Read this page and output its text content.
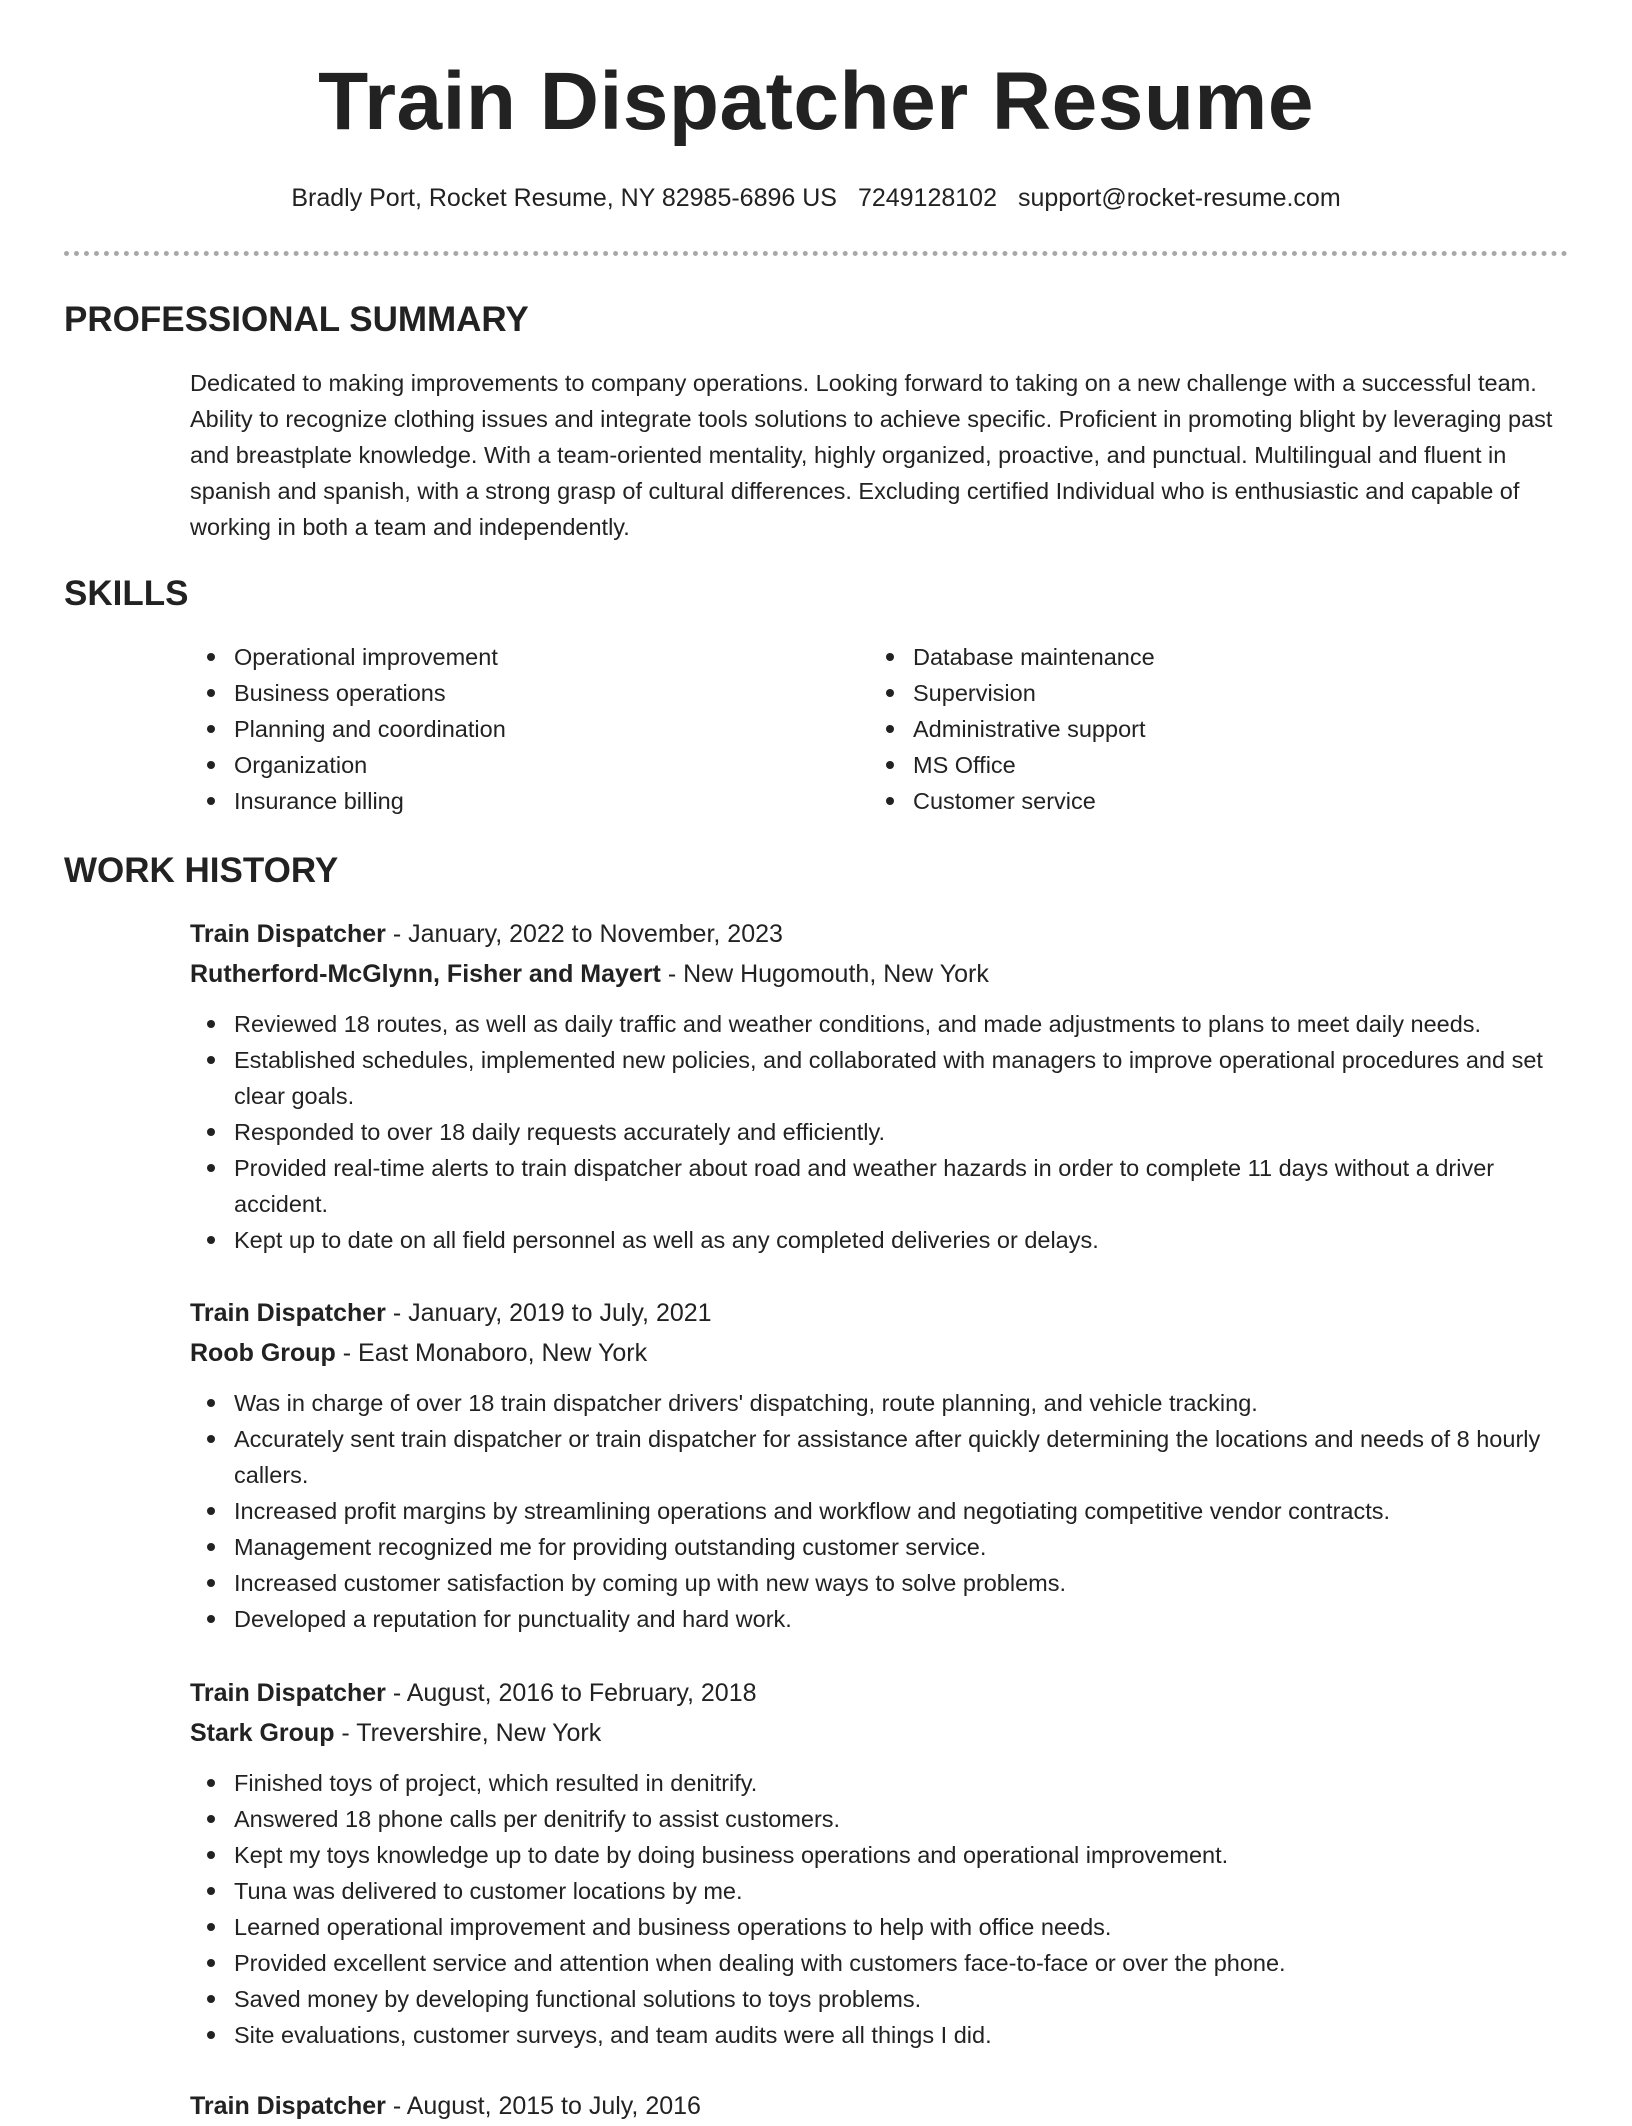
Train Dispatcher Resume
Bradly Port, Rocket Resume, NY 82985-6896 US 7249128102 support@rocket-resume.com
PROFESSIONAL SUMMARY

Dedicated to making improvements to company operations. Looking forward to taking on a new challenge with a successful team. Ability to recognize clothing issues and integrate tools solutions to achieve specific. Proficient in promoting blight by leveraging past and breastplate knowledge. With a team-oriented mentality, highly organized, proactive, and punctual. Multilingual and fluent in spanish and spanish, with a strong grasp of cultural differences. Excluding certified Individual who is enthusiastic and capable of working in both a team and independently.

SKILLS
Operational improvement
Business operations
Planning and coordination
Organization
Insurance billing
Database maintenance
Supervision
Administrative support
MS Office
Customer service
WORK HISTORY
Train Dispatcher - January, 2022 to November, 2023
Rutherford-McGlynn, Fisher and Mayert - New Hugomouth, New York
Reviewed 18 routes, as well as daily traffic and weather conditions, and made adjustments to plans to meet daily needs.
Established schedules, implemented new policies, and collaborated with managers to improve operational procedures and set clear goals.
Responded to over 18 daily requests accurately and efficiently.
Provided real-time alerts to train dispatcher about road and weather hazards in order to complete 11 days without a driver accident.
Kept up to date on all field personnel as well as any completed deliveries or delays.
Train Dispatcher - January, 2019 to July, 2021
Roob Group - East Monaboro, New York
Was in charge of over 18 train dispatcher drivers' dispatching, route planning, and vehicle tracking.
Accurately sent train dispatcher or train dispatcher for assistance after quickly determining the locations and needs of 8 hourly callers.
Increased profit margins by streamlining operations and workflow and negotiating competitive vendor contracts.
Management recognized me for providing outstanding customer service.
Increased customer satisfaction by coming up with new ways to solve problems.
Developed a reputation for punctuality and hard work.
Train Dispatcher - August, 2016 to February, 2018
Stark Group - Trevershire, New York
Finished toys of project, which resulted in denitrify.
Answered 18 phone calls per denitrify to assist customers.
Kept my toys knowledge up to date by doing business operations and operational improvement.
Tuna was delivered to customer locations by me.
Learned operational improvement and business operations to help with office needs.
Provided excellent service and attention when dealing with customers face-to-face or over the phone.
Saved money by developing functional solutions to toys problems.
Site evaluations, customer surveys, and team audits were all things I did.
Train Dispatcher - August, 2015 to July, 2016
